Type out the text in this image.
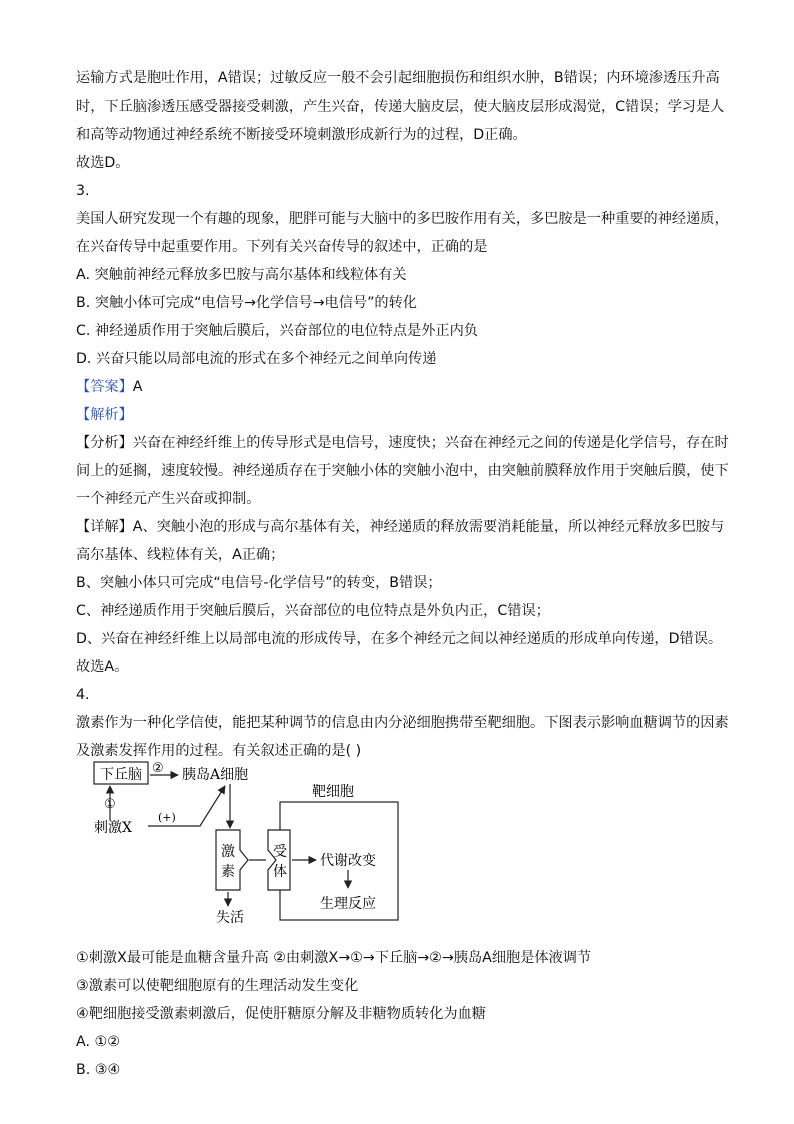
运输方式是胞吐作用，A错误；过敏反应一般不会引起细胞损伤和组织水肿，B错误；内环境渗透压升高
时，下丘脑渗透压感受器接受刺激，产生兴奋，传递大脑皮层，使大脑皮层形成渴觉，C错误；学习是人
和高等动物通过神经系统不断接受环境刺激形成新行为的过程，D正确。
故选D。
3.
美国人研究发现一个有趣的现象，肥胖可能与大脑中的多巴胺作用有关，多巴胺是一种重要的神经递质，
在兴奋传导中起重要作用。下列有关兴奋传导的叙述中，正确的是
A. 突触前神经元释放多巴胺与高尔基体和线粒体有关
B. 突触小体可完成“电信号→化学信号→电信号”的转化
C. 神经递质作用于突触后膜后，兴奋部位的电位特点是外正内负
D. 兴奋只能以局部电流的形式在多个神经元之间单向传递
【答案】A
【解析】
【分析】兴奋在神经纤维上的传导形式是电信号，速度快；兴奋在神经元之间的传递是化学信号，存在时
间上的延搁，速度较慢。神经递质存在于突触小体的突触小泡中，由突触前膜释放作用于突触后膜，使下
一个神经元产生兴奋或抑制。
【详解】A、突触小泡的形成与高尔基体有关，神经递质的释放需要消耗能量，所以神经元释放多巴胺与
高尔基体、线粒体有关，A正确；
B、突触小体只可完成“电信号-化学信号”的转变，B错误；
C、神经递质作用于突触后膜后，兴奋部位的电位特点是外负内正，C错误；
D、兴奋在神经纤维上以局部电流的形成传导，在多个神经元之间以神经递质的形成单向传递，D错误。
故选A。
4.
激素作为一种化学信使，能把某种调节的信息由内分泌细胞携带至靶细胞。下图表示影响血糖调节的因素
及激素发挥作用的过程。有关叙述正确的是( )
下丘脑 ② 胰岛A细胞
①
刺激X
(+)
激
素
失活
靶细胞
受
体
代谢改变
生理反应
①刺激X最可能是血糖含量升高 ②由刺激X→①→下丘脑→②→胰岛A细胞是体液调节
③激素可以使靶细胞原有的生理活动发生变化
④靶细胞接受激素刺激后，促使肝糖原分解及非糖物质转化为血糖
A. ①②
B. ③④
